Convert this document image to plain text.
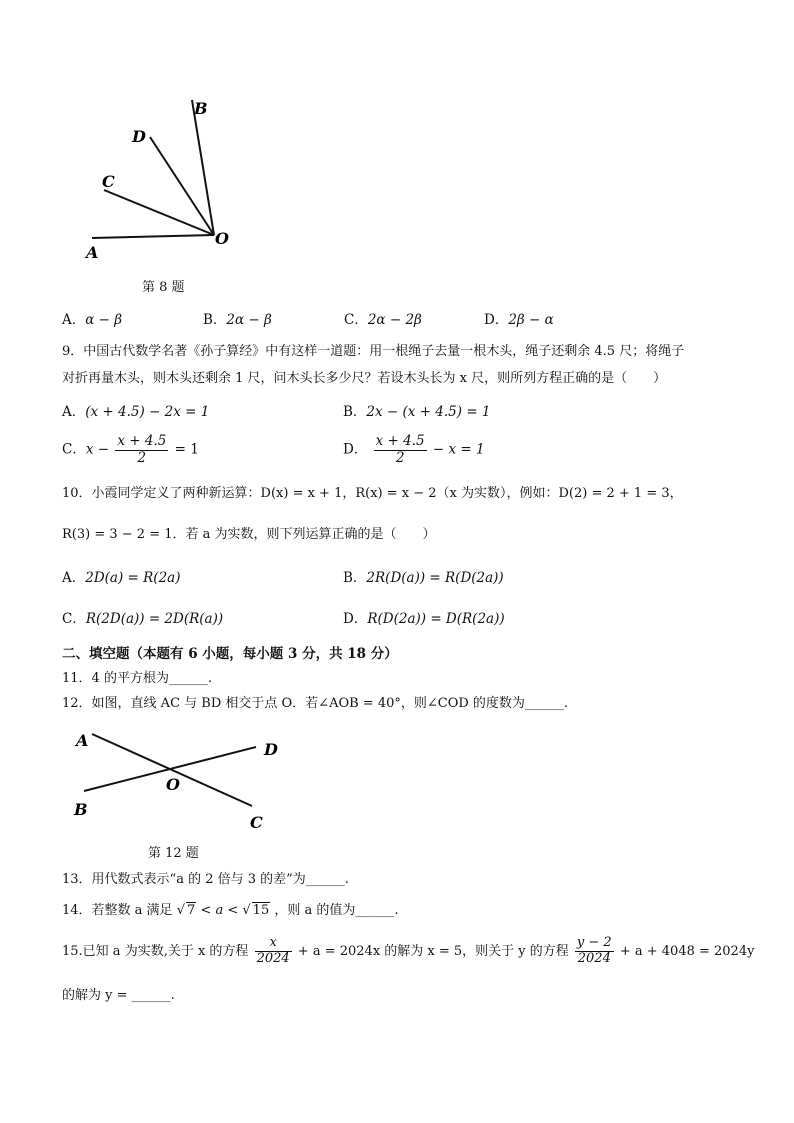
A
C
D
B
O
第 8 题
A．α − β	B．2α − β	C．2α − 2β	D．2β − α
9．中国古代数学名著《孙子算经》中有这样一道题：用一根绳子去量一根木头，绳子还剩余 4.5 尺；将绳子
对折再量木头，则木头还剩余 1 尺，问木头长多少尺？若设木头长为 x 尺，则所列方程正确的是（　　）
A．(x + 4.5) − 2x = 1	B．2x − (x + 4.5) = 1
C．$x - \frac{x + 4.5}{2} = 1$	D． $\frac{x + 4.5}{2} - x = 1$
10．小霞同学定义了两种新运算：D(x) = x + 1，R(x) = x − 2（x 为实数），例如：D(2) = 2 + 1 = 3，
R(3) = 3 − 2 = 1．若 a 为实数，则下列运算正确的是（　　）
A．2D(a) = R(2a)	B．2R(D(a)) = R(D(2a))
C．R(2D(a)) = 2D(R(a))	D．R(D(2a)) = D(R(2a))
二、填空题（本题有 6 小题，每小题 3 分，共 18 分）
11．4 的平方根为______.
12．如图，直线 AC 与 BD 相交于点 O．若∠AOB = 40°，则∠COD 的度数为______.
A
B
C
D
O
第 12 题
13．用代数式表示“a 的 2 倍与 3 的差”为______.
14．若整数 a 满足 √ 7 < a < √ 15 ，则 a 的值为______.
15.已知 a 为实数,关于 x 的方程 $\frac{x}{2024} + a = 2024x$ 的解为 x = 5，则关于 y 的方程 $\frac{y - 2}{2024} + a + 4048 = 2024y$
的解为 y = ______.
